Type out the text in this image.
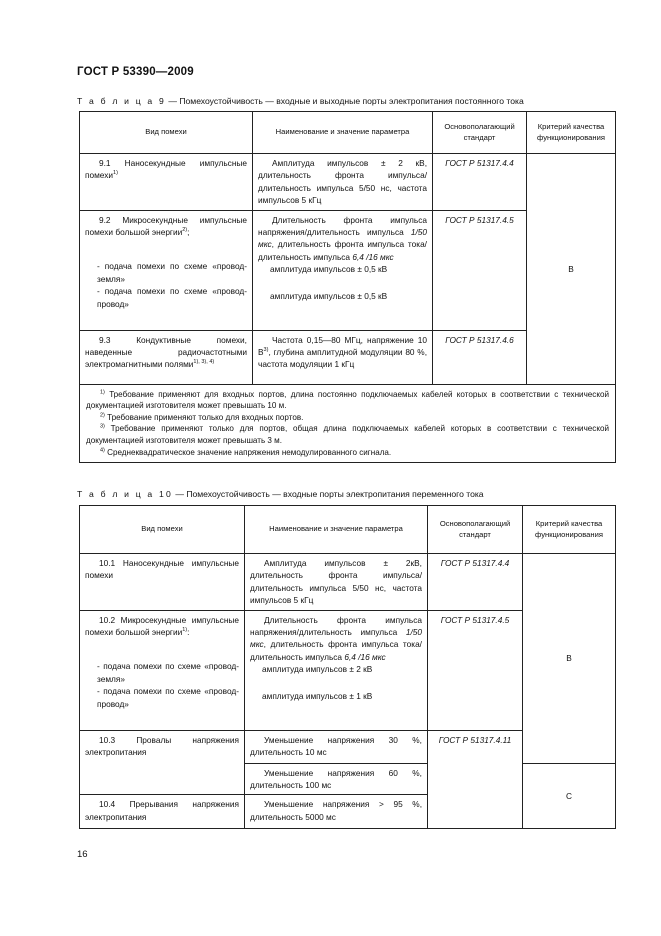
ГОСТ Р 53390—2009
Т а б л и ц а 9 — Помехоустойчивость — входные и выходные порты электропитания постоянного тока
Вид помехи	Наименование и значение параметра	Основополагающий стандарт	Критерий качества функционирования

9.1 Наносекундные импульсные помехи$^{1)}$	Амплитуда импульсов ± 2 кВ, длительность фронта импульса/длительность импульса 5/50 нс, частота импульсов 5 кГц	ГОСТ Р 51317.4.4	В

9.2 Микросекундные импульсные помехи большой энергии$^{2)}$;
- подача помехи по схеме «провод-земля»
- подача помехи по схеме «провод-провод»	Длительность фронта импульса напряжения/длительность импульса 1/50 мкс, длительность фронта импульса тока/длительность импульса 6,4 /16 мкс
амплитуда импульсов ± 0,5 кВ
амплитуда импульсов ± 0,5 кВ	ГОСТ Р 51317.4.5	

9.3 Кондуктивные помехи, наведенные радиочастотными электромагнитными полями$^{1), 3), 4)}$	Частота 0,15—80 МГц, напряжение 10 $В^{3)}$, глубина амплитудной модуляции 80 %, частота модуляции 1 кГц	ГОСТ Р 51317.4.6	

$^{1)}$ Требование применяют для входных портов, длина постоянно подключаемых кабелей которых в соответствии с технической документацией изготовителя может превышать 10 м.
$^{2)}$ Требование применяют только для входных портов.
$^{3)}$ Требование применяют только для портов, общая длина подключаемых кабелей которых в соответствии с технической документацией изготовителя может превышать 3 м.
$^{4)}$ Среднеквадратическое значение напряжения немодулированного сигнала.			
Т а б л и ц а 10 — Помехоустойчивость — входные порты электропитания переменного тока
Вид помехи	Наименование и значение параметра	Основополагающий стандарт	Критерий качества функционирования

10.1 Наносекундные импульсные помехи	Амплитуда импульсов ± 2кВ, длительность фронта импульса/длительность импульса 5/50 нс, частота импульсов 5 кГц	ГОСТ Р 51317.4.4	В

10.2 Микросекундные импульсные помехи большой энергии$^{1)}$:
- подача помехи по схеме «провод-земля»
- подача помехи по схеме «провод-провод»	Длительность фронта импульса напряжения/длительность импульса 1/50 мкс, длительность фронта импульса тока/длительность импульса 6,4 /16 мкс
амплитуда импульсов ± 2 кВ
амплитуда импульсов ± 1 кВ	ГОСТ Р 51317.4.5	

10.3 Провалы напряжения электропитания	Уменьшение напряжения 30 %, длительность 10 мс	ГОСТ Р 51317.4.11	

	Уменьшение напряжения 60 %, длительность 100 мс		С

10.4 Прерывания напряжения электропитания	Уменьшение напряжения > 95 %, длительность 5000 мс		
16
